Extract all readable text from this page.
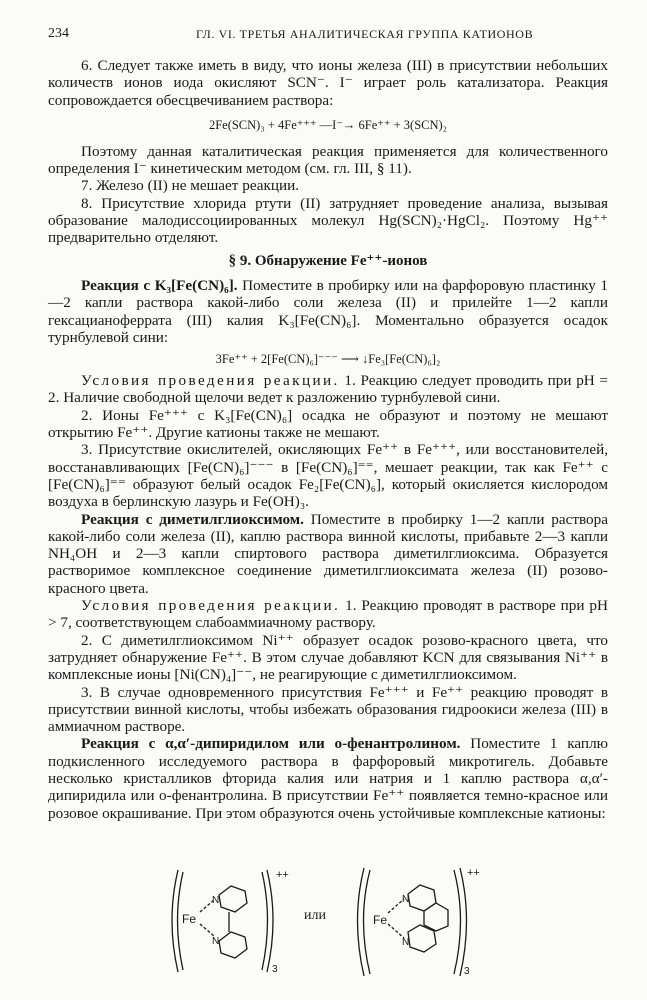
234	ГЛ. VI. ТРЕТЬЯ АНАЛИТИЧЕСКАЯ ГРУППА КАТИОНОВ

6. Следует также иметь в виду, что ионы железа (III) в присутствии небольших количеств ионов иода окисляют SCN⁻. I⁻ играет роль катализатора. Реакция сопровождается обесцвечиванием раствора:

2Fe(SCN)₃ + 4Fe⁺⁺⁺ —I⁻→ 6Fe⁺⁺ + 3(SCN)₂

Поэтому данная каталитическая реакция применяется для количественного определения I⁻ кинетическим методом (см. гл. III, § 11).

7. Железо (II) не мешает реакции.

8. Присутствие хлорида ртути (II) затрудняет проведение анализа, вызывая образование малодиссоциированных молекул Hg(SCN)₂·HgCl₂. Поэтому Hg⁺⁺ предварительно отделяют.

§ 9. Обнаружение Fe⁺⁺-ионов

Реакция с K₃[Fe(CN)₆]. Поместите в пробирку или на фарфоровую пластинку 1—2 капли раствора какой-либо соли железа (II) и прилейте 1—2 капли гексацианоферрата (III) калия K₃[Fe(CN)₆]. Моментально образуется осадок турнбулевой сини:

3Fe⁺⁺ + 2[Fe(CN)₆]⁻⁻⁻ ⟶ ↓Fe₃[Fe(CN)₆]₂

Условия проведения реакции. 1. Реакцию следует проводить при pH = 2. Наличие свободной щелочи ведет к разложению турнбулевой сини.

2. Ионы Fe⁺⁺⁺ с K₃[Fe(CN)₆] осадка не образуют и поэтому не мешают открытию Fe⁺⁺. Другие катионы также не мешают.

3. Присутствие окислителей, окисляющих Fe⁺⁺ в Fe⁺⁺⁺, или восстановителей, восстанавливающих [Fe(CN)₆]⁻⁻⁻ в [Fe(CN)₆]⁼⁼, мешает реакции, так как Fe⁺⁺ с [Fe(CN)₆]⁼⁼ образуют белый осадок Fe₂[Fe(CN)₆], который окисляется кислородом воздуха в берлинскую лазурь и Fe(OH)₃.

Реакция с диметилглиоксимом. Поместите в пробирку 1—2 капли раствора какой-либо соли железа (II), каплю раствора винной кислоты, прибавьте 2—3 капли NH₄OH и 2—3 капли спиртового раствора диметилглиоксима. Образуется растворимое комплексное соединение диметилглиоксимата железа (II) розово-красного цвета.

Условия проведения реакции. 1. Реакцию проводят в растворе при pH > 7, соответствующем слабоаммиачному раствору.

2. С диметилглиоксимом Ni⁺⁺ образует осадок розово-красного цвета, что затрудняет обнаружение Fe⁺⁺. В этом случае добавляют KCN для связывания Ni⁺⁺ в комплексные ионы [Ni(CN)₄]⁻⁻, не реагирующие с диметилглиоксимом.

3. В случае одновременного присутствия Fe⁺⁺⁺ и Fe⁺⁺ реакцию проводят в присутствии винной кислоты, чтобы избежать образования гидроокиси железа (III) в аммиачном растворе.

Реакция с α,α′-дипиридилом или о-фенантролином. Поместите 1 каплю подкисленного исследуемого раствора в фарфоровый микротигель. Добавьте несколько кристалликов фторида калия или натрия и 1 каплю раствора α,α′-дипиридила или о-фенантролина. В присутствии Fe⁺⁺ появляется темно-красное или розовое окрашивание. При этом образуются очень устойчивые комплексные катионы:

Fe
N
N
3
++
Fe
N
N
3
++
или
